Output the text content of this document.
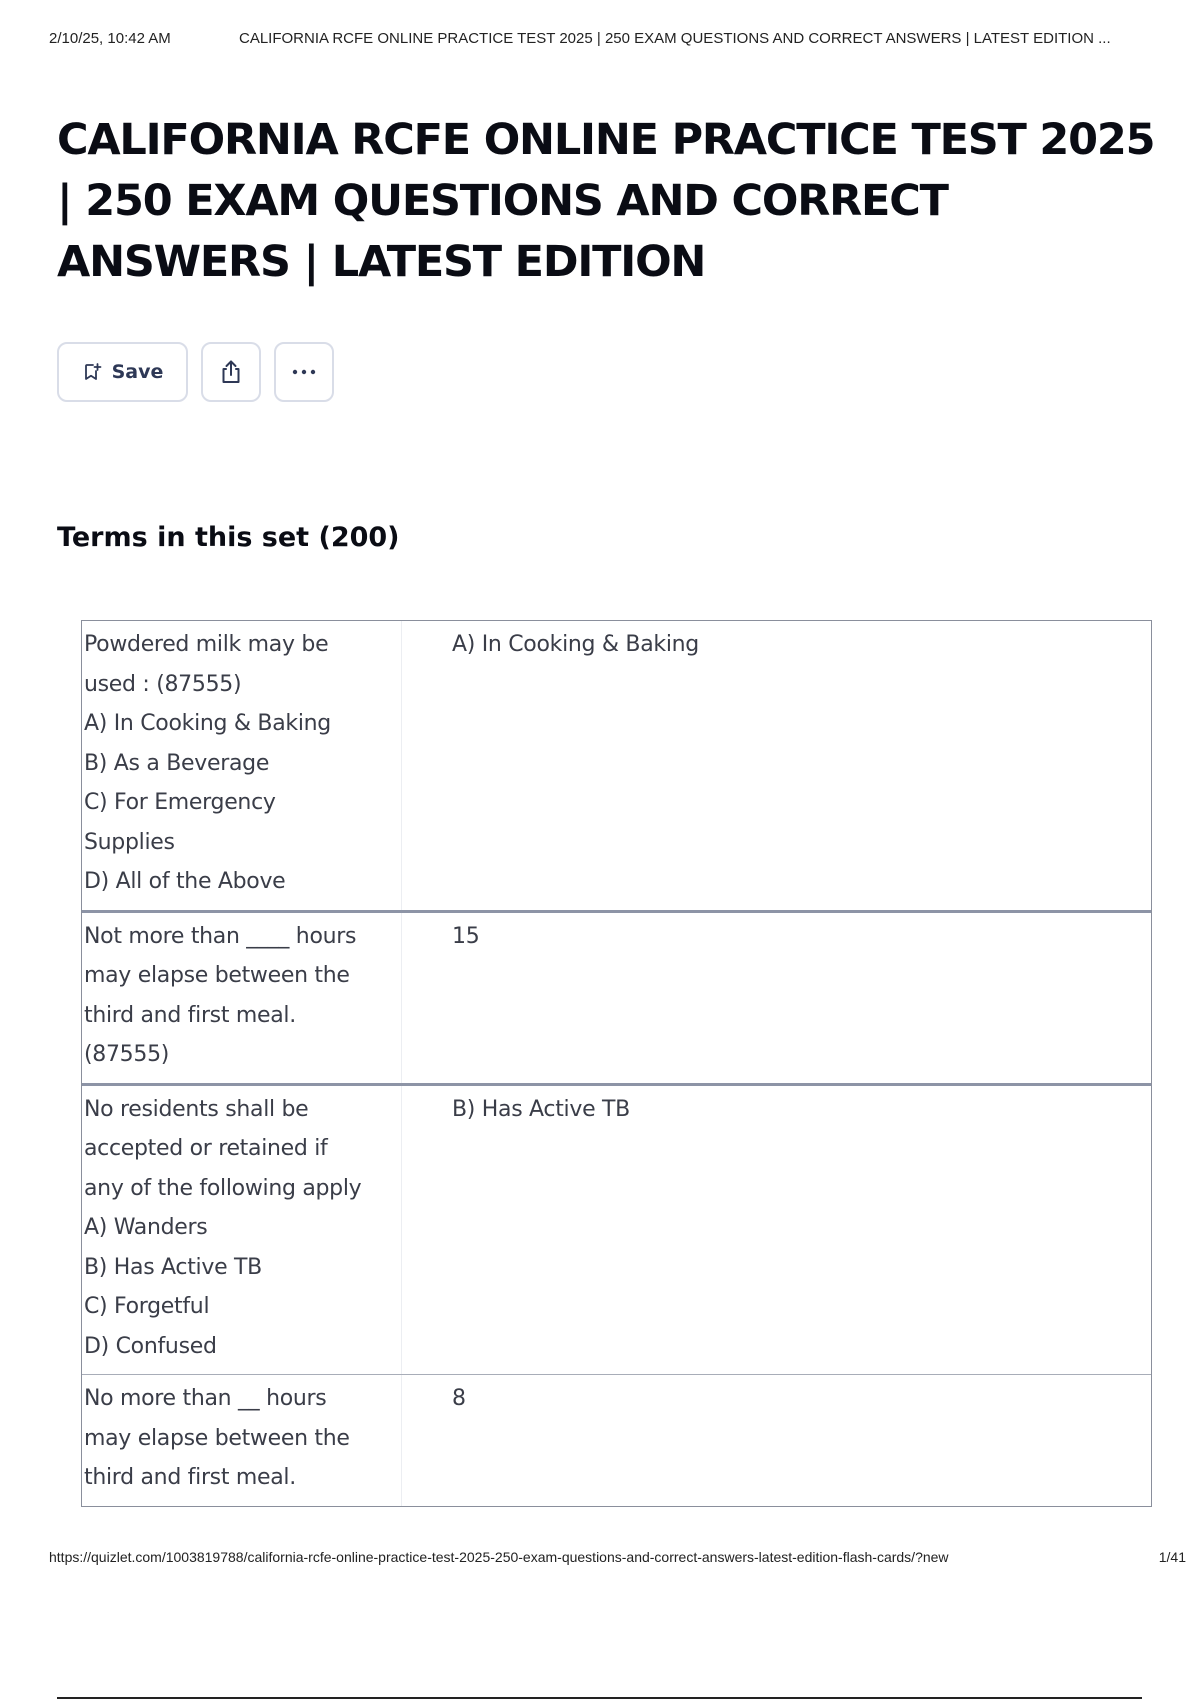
2/10/25, 10:42 AM	CALIFORNIA RCFE ONLINE PRACTICE TEST 2025 | 250 EXAM QUESTIONS AND CORRECT ANSWERS | LATEST EDITION ...
CALIFORNIA RCFE ONLINE PRACTICE TEST 2025 | 250 EXAM QUESTIONS AND CORRECT ANSWERS | LATEST EDITION
Save
Terms in this set (200)
Powdered milk may be
used : (87555)
A) In Cooking & Baking
B) As a Beverage
C) For Emergency
Supplies
D) All of the Above
A) In Cooking & Baking
Not more than ____ hours
may elapse between the
third and first meal.
(87555)
15
No residents shall be
accepted or retained if
any of the following apply
A) Wanders
B) Has Active TB
C) Forgetful
D) Confused
B) Has Active TB
No more than __ hours
may elapse between the
third and first meal.
8
https://quizlet.com/1003819788/california-rcfe-online-practice-test-2025-250-exam-questions-and-correct-answers-latest-edition-flash-cards/?new	1/41
